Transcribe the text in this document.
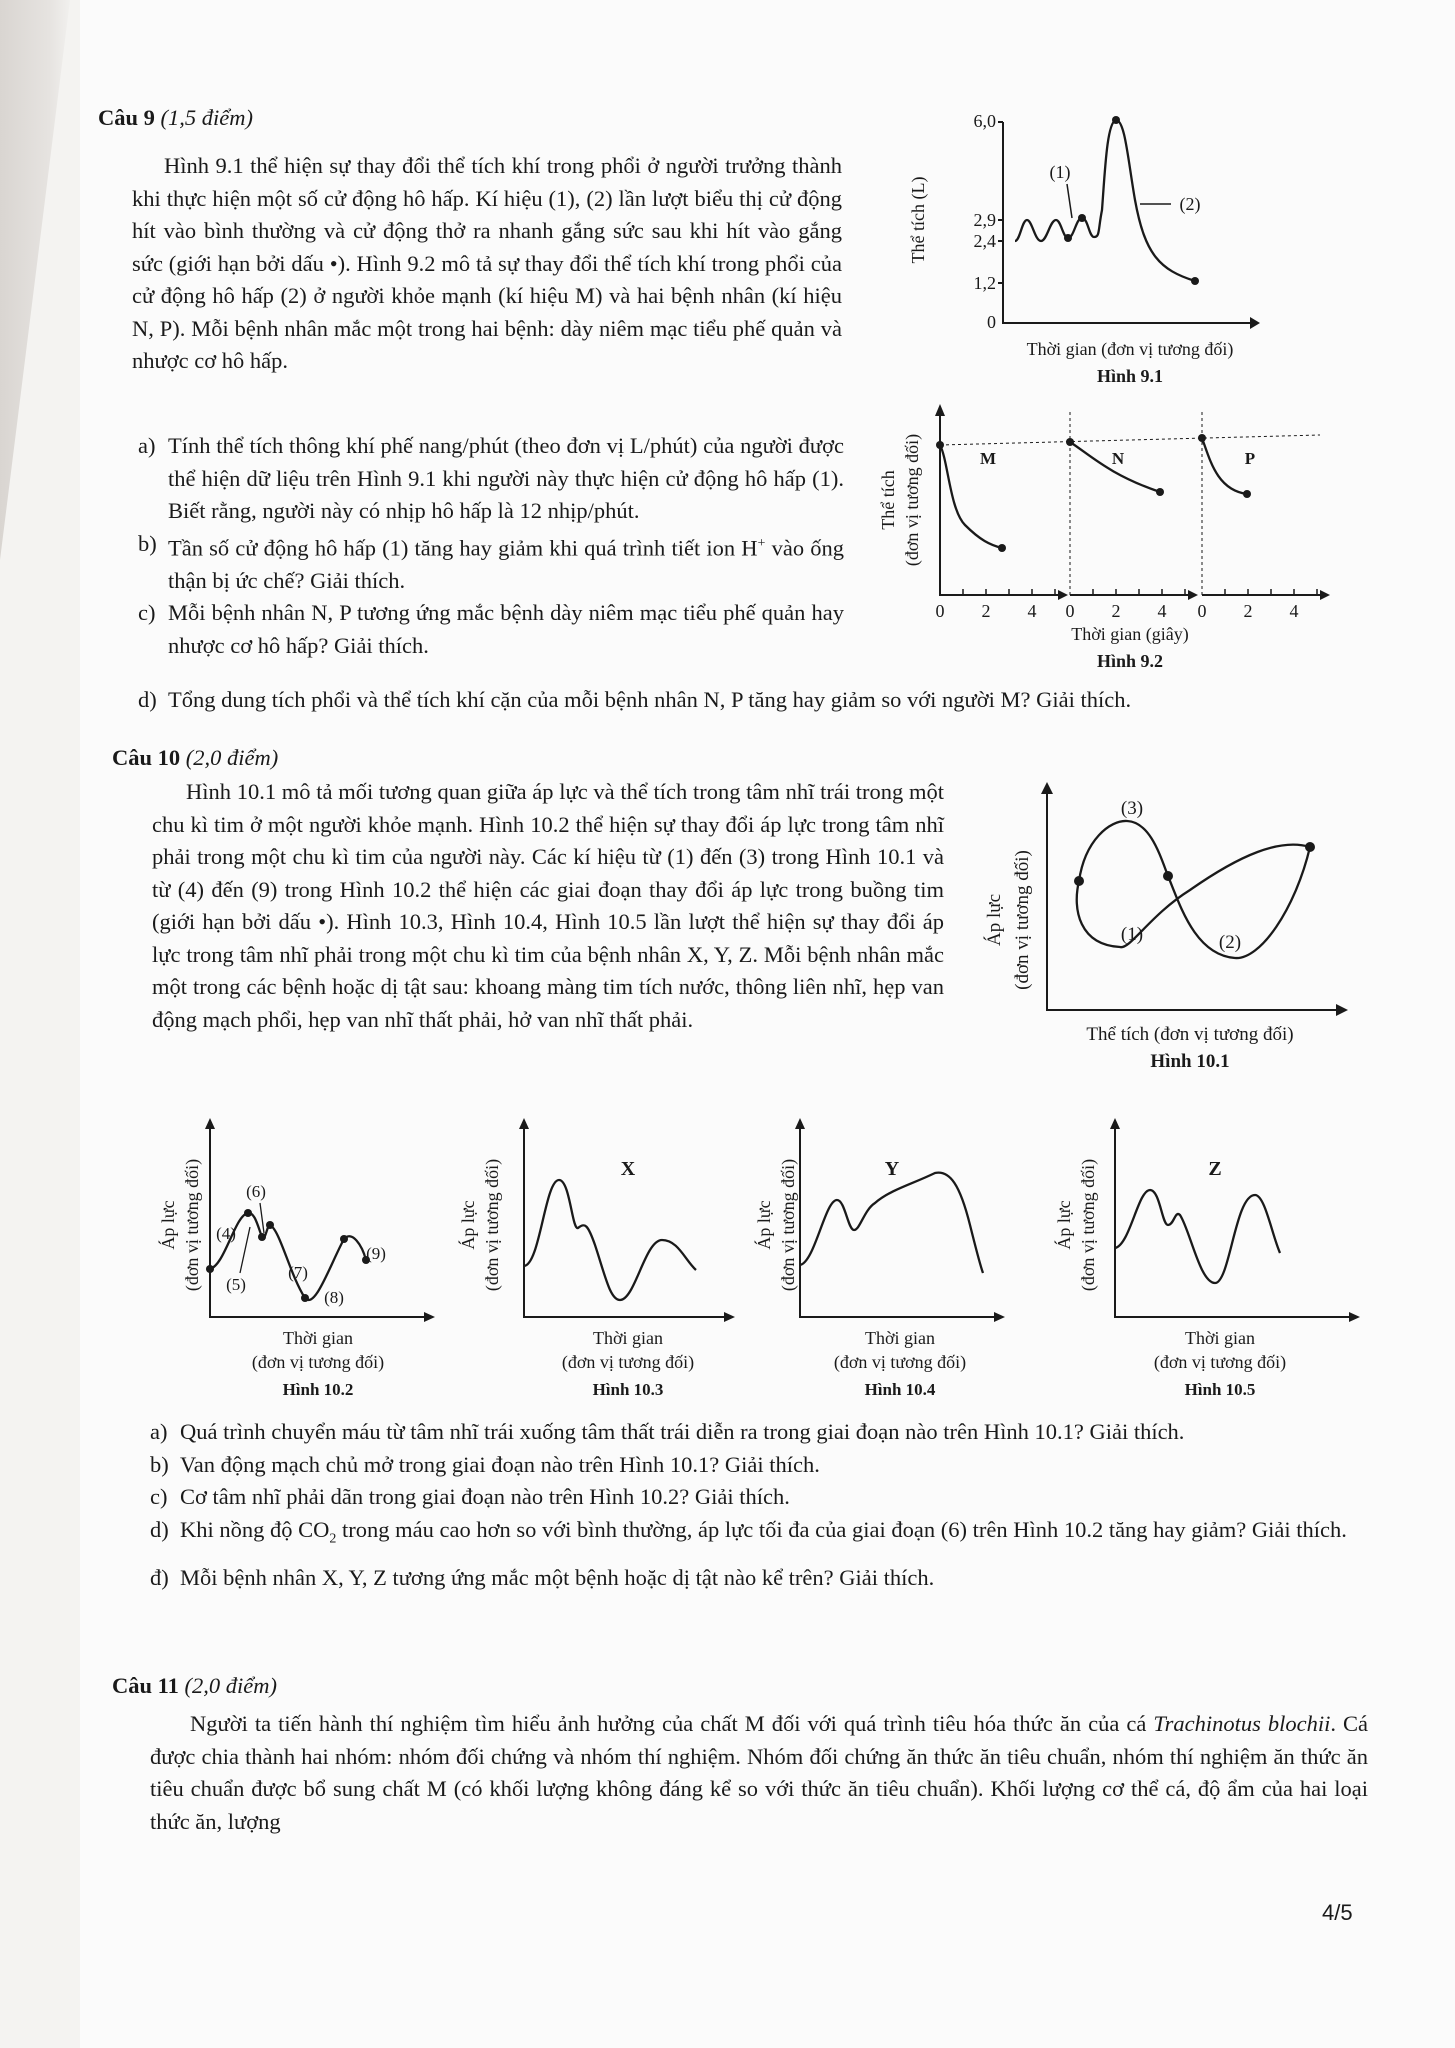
Câu 9 (1,5 điểm)

Hình 9.1 thể hiện sự thay đổi thể tích khí trong phổi ở người trưởng thành khi thực hiện một số cử động hô hấp. Kí hiệu (1), (2) lần lượt biểu thị cử động hít vào bình thường và cử động thở ra nhanh gắng sức sau khi hít vào gắng sức (giới hạn bởi dấu •). Hình 9.2 mô tả sự thay đổi thể tích khí trong phổi của cử động hô hấp (2) ở người khỏe mạnh (kí hiệu M) và hai bệnh nhân (kí hiệu N, P). Mỗi bệnh nhân mắc một trong hai bệnh: dày niêm mạc tiểu phế quản và nhược cơ hô hấp.

a) Tính thể tích thông khí phế nang/phút (theo đơn vị L/phút) của người được thể hiện dữ liệu trên Hình 9.1 khi người này thực hiện cử động hô hấp (1). Biết rằng, người này có nhịp hô hấp là 12 nhịp/phút.
b) Tần số cử động hô hấp (1) tăng hay giảm khi quá trình tiết ion H+ vào ống thận bị ức chế? Giải thích.
c) Mỗi bệnh nhân N, P tương ứng mắc bệnh dày niêm mạc tiểu phế quản hay nhược cơ hô hấp? Giải thích.
d) Tổng dung tích phổi và thể tích khí cặn của mỗi bệnh nhân N, P tăng hay giảm so với người M? Giải thích.
Thể tích (L)
6,0
2,9
2,4
1,2
0
(1)
(2)
Thời gian (đơn vị tương đối)
Hình 9.1
Thể tích (đơn vị tương đối)
0 2 4
M
0 2 4
N
0 2 4
P
Thời gian (giây)
Hình 9.2
Câu 10 (2,0 điểm)

Hình 10.1 mô tả mối tương quan giữa áp lực và thể tích trong tâm nhĩ trái trong một chu kì tim ở một người khỏe mạnh. Hình 10.2 thể hiện sự thay đổi áp lực trong tâm nhĩ phải trong một chu kì tim của người này. Các kí hiệu từ (1) đến (3) trong Hình 10.1 và từ (4) đến (9) trong Hình 10.2 thể hiện các giai đoạn thay đổi áp lực trong buồng tim (giới hạn bởi dấu •). Hình 10.3, Hình 10.4, Hình 10.5 lần lượt thể hiện sự thay đổi áp lực trong tâm nhĩ phải trong một chu kì tim của bệnh nhân X, Y, Z. Mỗi bệnh nhân mắc một trong các bệnh hoặc dị tật sau: khoang màng tim tích nước, thông liên nhĩ, hẹp van động mạch phổi, hẹp van nhĩ thất phải, hở van nhĩ thất phải.

Áp lực (đơn vị tương đối)
(3)
(1)	(2)
Thể tích (đơn vị tương đối)
Hình 10.1
Áp lực (đơn vị tương đối) (4)
(5)
(6)
(7)
(8)
(9)
Thời gian
(đơn vị tương đối)
Hình 10.2
Áp lực (đơn vị tương đối)	X
Thời gian
(đơn vị tương đối)
Hình 10.3
Áp lực (đơn vị tương đối)	Y
Thời gian
(đơn vị tương đối)
Hình 10.4
Áp lực (đơn vị tương đối)	Z
Thời gian
(đơn vị tương đối)
Hình 10.5
a) Quá trình chuyển máu từ tâm nhĩ trái xuống tâm thất trái diễn ra trong giai đoạn nào trên Hình 10.1? Giải thích.
b) Van động mạch chủ mở trong giai đoạn nào trên Hình 10.1? Giải thích.
c) Cơ tâm nhĩ phải dãn trong giai đoạn nào trên Hình 10.2? Giải thích.
d) Khi nồng độ $CO_2$ trong máu cao hơn so với bình thường, áp lực tối đa của giai đoạn (6) trên Hình 10.2 tăng hay giảm? Giải thích.
đ) Mỗi bệnh nhân X, Y, Z tương ứng mắc một bệnh hoặc dị tật nào kể trên? Giải thích.
Câu 11 (2,0 điểm)

Người ta tiến hành thí nghiệm tìm hiểu ảnh hưởng của chất M đối với quá trình tiêu hóa thức ăn của cá Trachinotus blochii. Cá được chia thành hai nhóm: nhóm đối chứng và nhóm thí nghiệm. Nhóm đối chứng ăn thức ăn tiêu chuẩn, nhóm thí nghiệm ăn thức ăn tiêu chuẩn được bổ sung chất M (có khối lượng không đáng kể so với thức ăn tiêu chuẩn). Khối lượng cơ thể cá, độ ẩm của hai loại thức ăn, lượng

4/5
